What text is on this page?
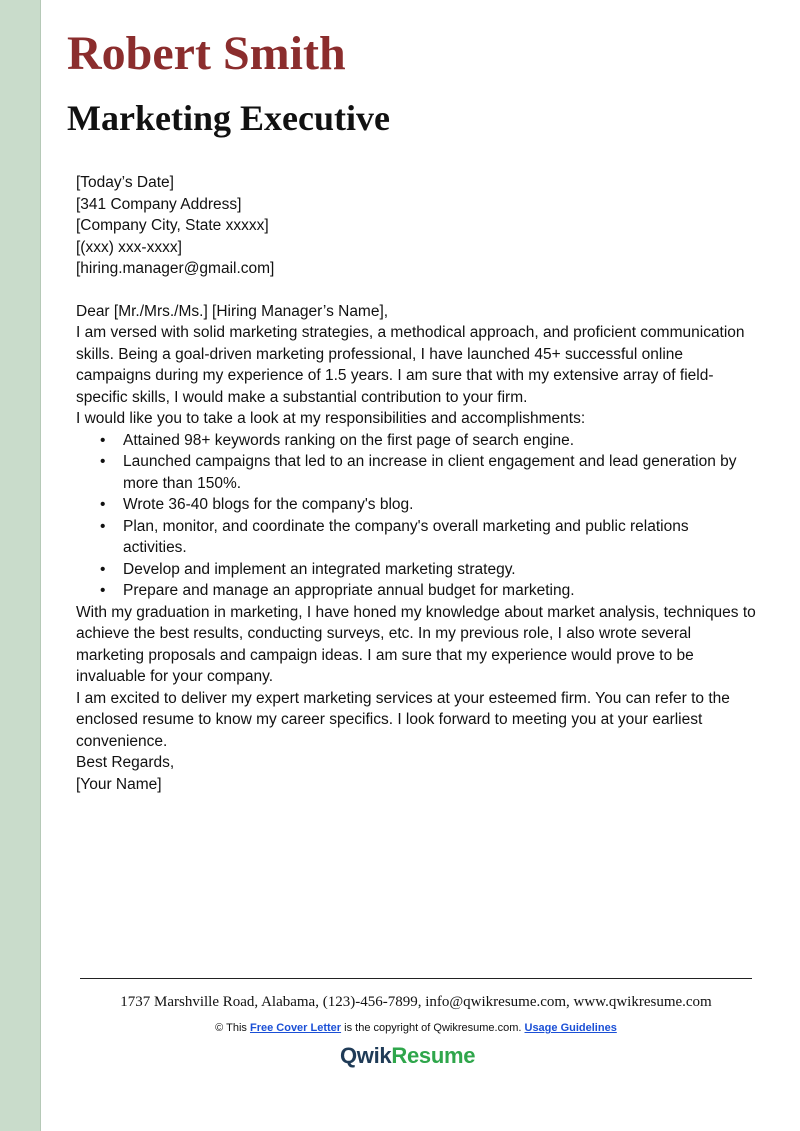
Robert Smith
Marketing Executive

[Today’s Date]

[341 Company Address]

[Company City, State xxxxx]

[(xxx) xxx-xxxx]

[hiring.manager@gmail.com]

Dear [Mr./Mrs./Ms.] [Hiring Manager’s Name],

I am versed with solid marketing strategies, a methodical approach, and proficient communication skills. Being a goal-driven marketing professional, I have launched 45+ successful online campaigns during my experience of 1.5 years. I am sure that with my extensive array of field-specific skills, I would make a substantial contribution to your firm.

I would like you to take a look at my responsibilities and accomplishments:

• Attained 98+ keywords ranking on the first page of search engine.
• Launched campaigns that led to an increase in client engagement and lead generation by more than 150%.
• Wrote 36-40 blogs for the company's blog.
• Plan, monitor, and coordinate the company's overall marketing and public relations activities.
• Develop and implement an integrated marketing strategy.
• Prepare and manage an appropriate annual budget for marketing.

With my graduation in marketing, I have honed my knowledge about market analysis, techniques to achieve the best results, conducting surveys, etc. In my previous role, I also wrote several marketing proposals and campaign ideas. I am sure that my experience would prove to be invaluable for your company.

I am excited to deliver my expert marketing services at your esteemed firm. You can refer to the enclosed resume to know my career specifics. I look forward to meeting you at your earliest convenience.

Best Regards,

[Your Name]

1737 Marshville Road, Alabama, (123)-456-7899, info@qwikresume.com, www.qwikresume.com
© This Free Cover Letter is the copyright of Qwikresume.com. Usage Guidelines
QwikResume
